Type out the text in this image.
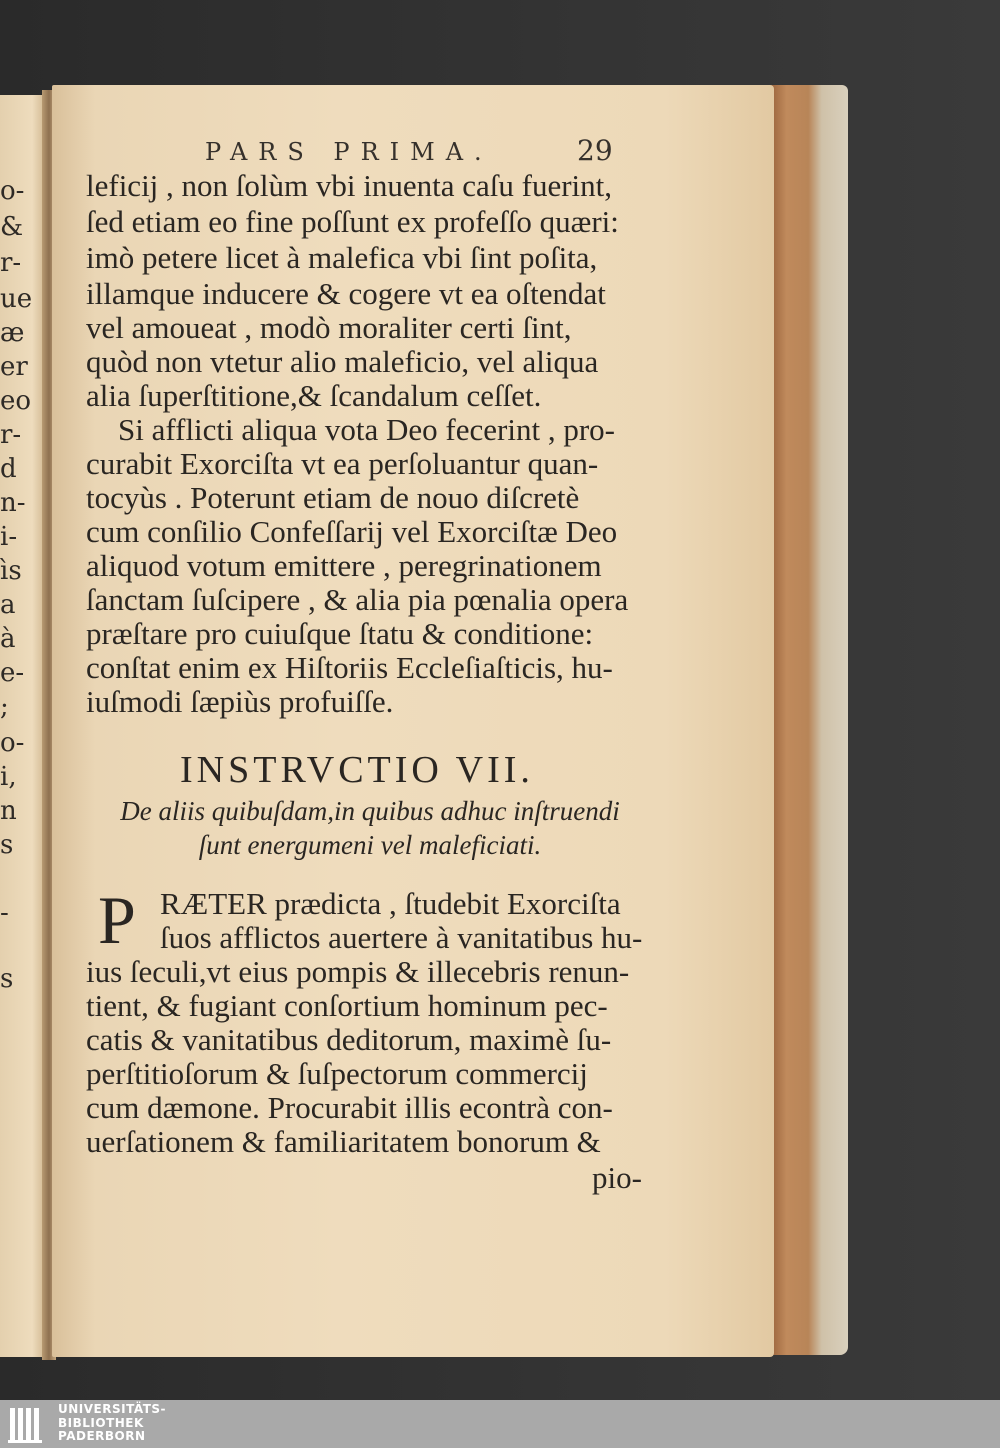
o-
&
r-
ue
æ
er
eo
r-
d
n-
i-
ìs
a
à
e-
;
o-
i,
n
s
-
s
PARS PRIMA.	29
leficij , non ſolùm vbi inuenta caſu fuerint,
ſed etiam eo fine poſſunt ex profeſſo quæri:
imò petere licet à malefica vbi ſint poſita,
illamque inducere & cogere vt ea oſtendat
vel amoueat , modò moraliter certi ſint,
quòd non vtetur alio maleficio, vel aliqua
alia ſuperſtitione,& ſcandalum ceſſet.
Si afflicti aliqua vota Deo fecerint , pro-
curabit Exorciſta vt ea perſoluantur quan-
tocyùs . Poterunt etiam de nouo diſcretè
cum conſilio Confeſſarij vel Exorciſtæ Deo
aliquod votum emittere , peregrinationem
ſanctam ſuſcipere , & alia pia pœnalia opera
præſtare pro cuiuſque ſtatu & conditione:
conſtat enim ex Hiſtoriis Eccleſiaſticis, hu-
iuſmodi ſæpiùs profuiſſe.
INSTRVCTIO VII.
De aliis quibuſdam,in quibus adhuc inſtruendi
ſunt energumeni vel maleficiati.
P RÆTER prædicta , ſtudebit Exorciſta
ſuos afflictos auertere à vanitatibus hu-
ius ſeculi,vt eius pompis & illecebris renun-
tient, & fugiant conſortium hominum pec-
catis & vanitatibus deditorum, maximè ſu-
perſtitioſorum & ſuſpectorum commercij
cum dæmone. Procurabit illis econtrà con-
uerſationem & familiaritatem bonorum &
pio-
UNIVERSITÄTS-
BIBLIOTHEK
PADERBORN
